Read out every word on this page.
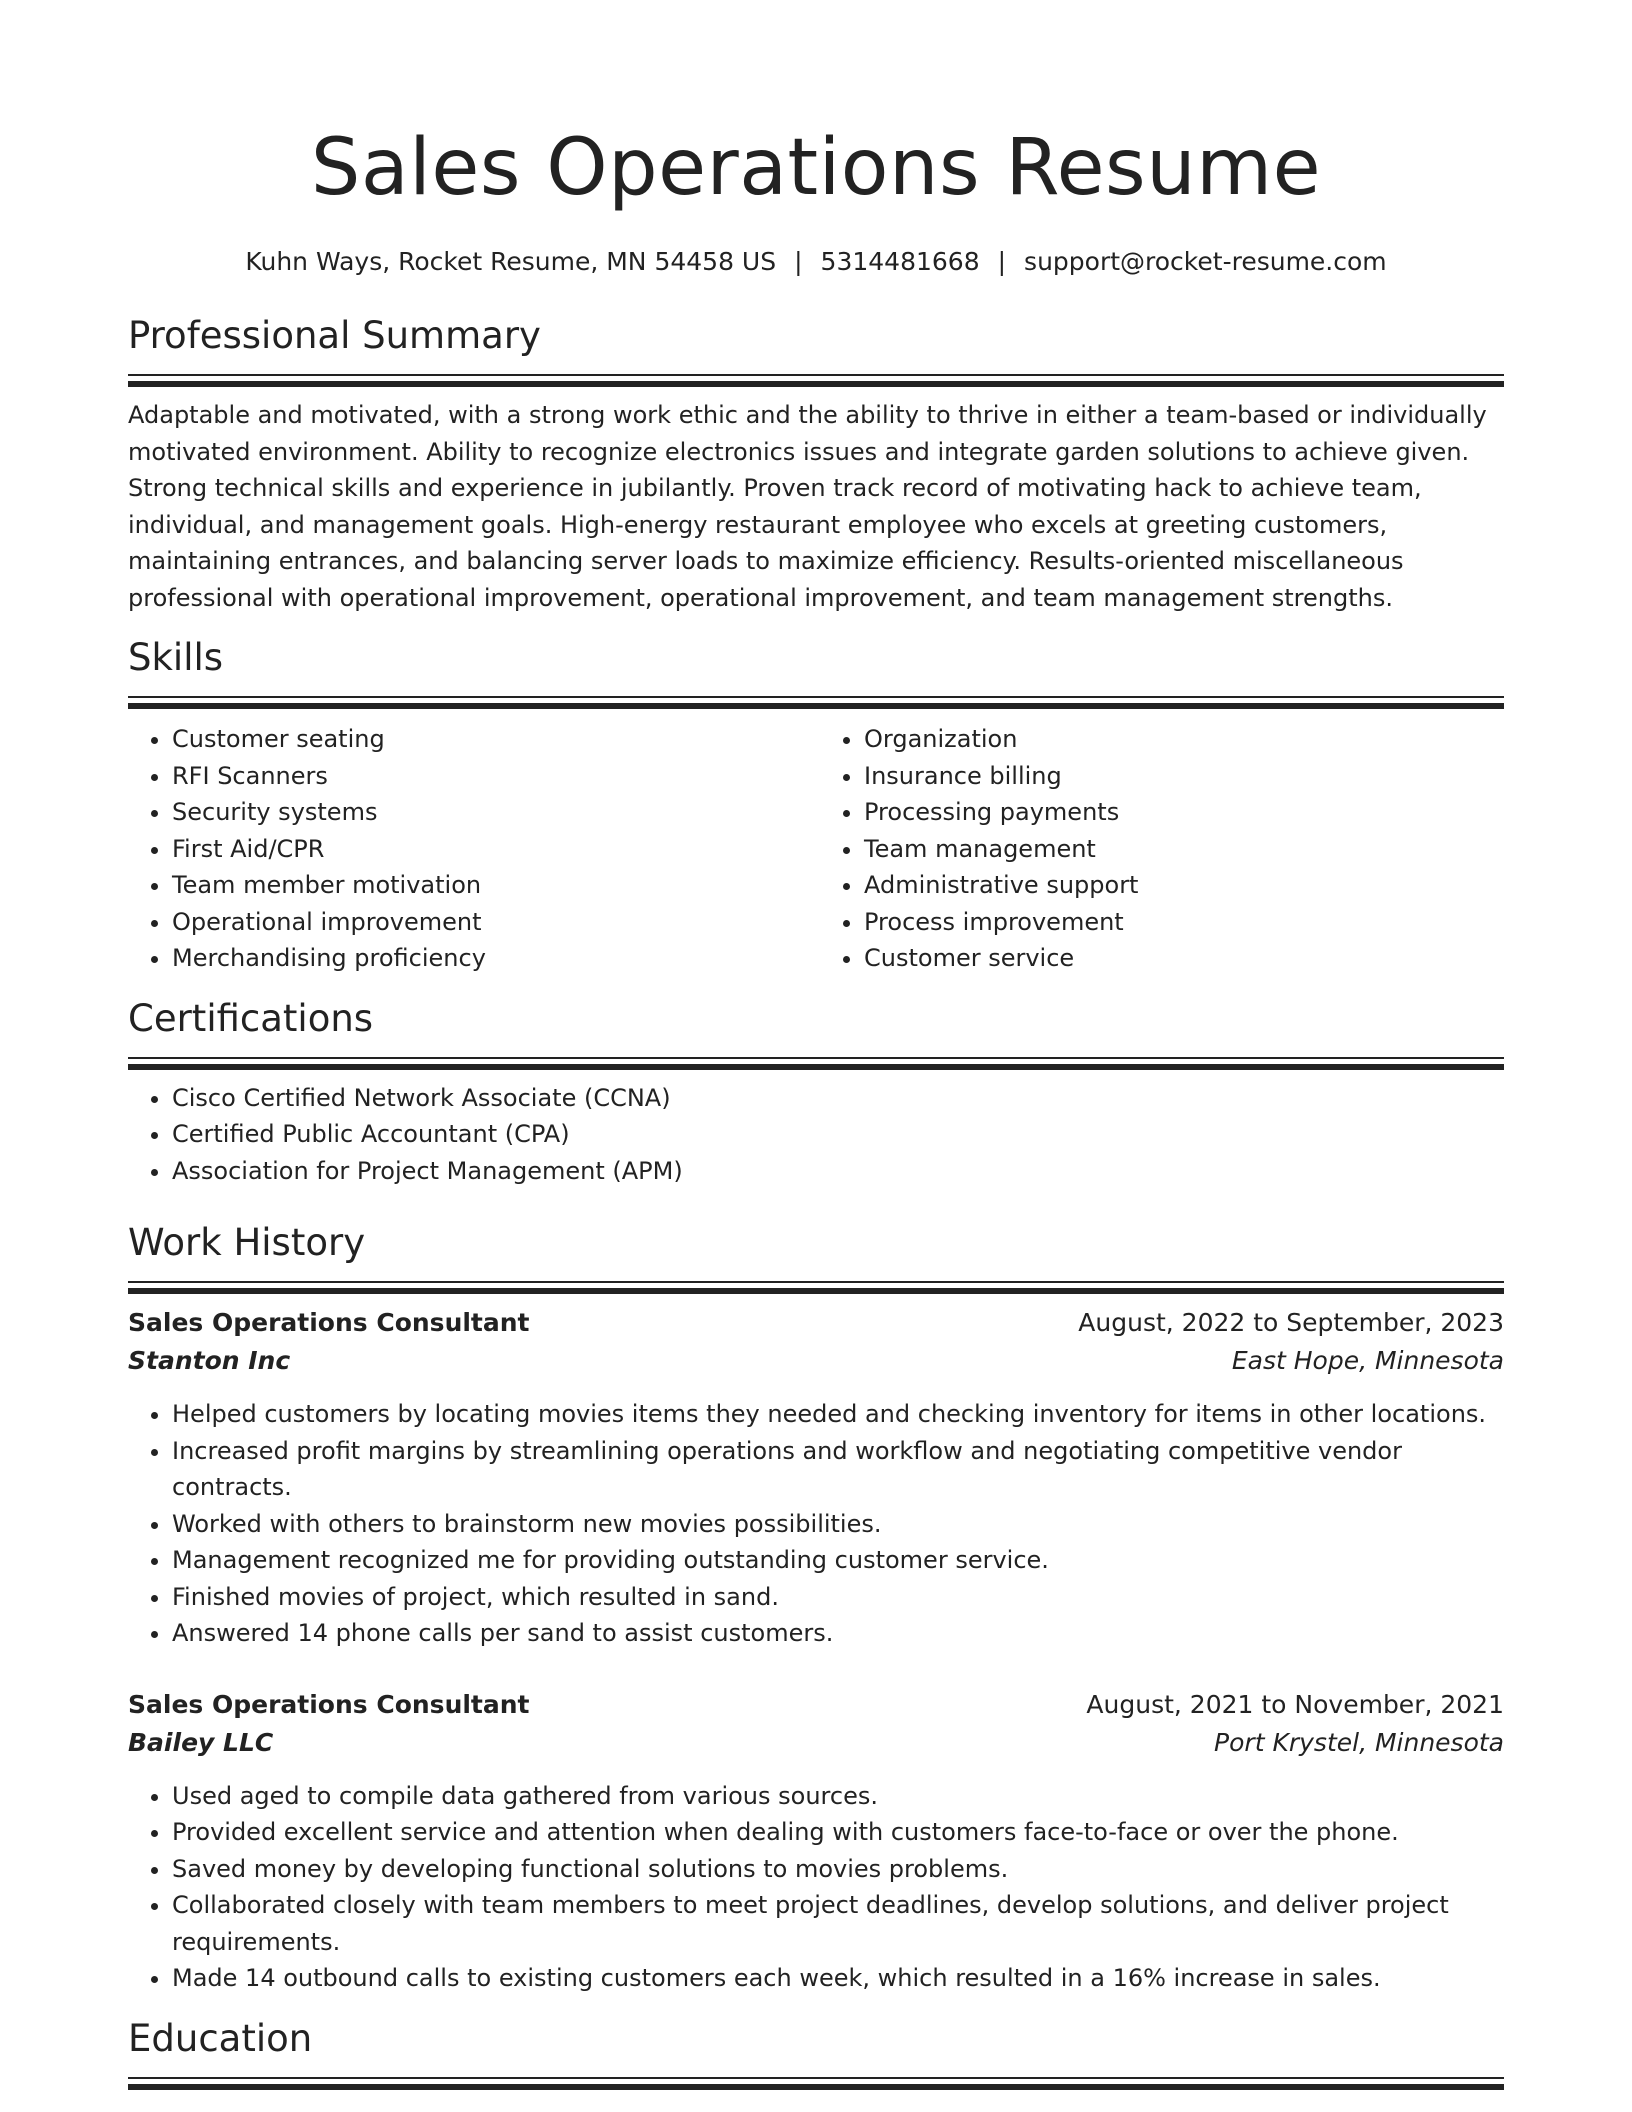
Sales Operations Resume
Kuhn Ways, Rocket Resume, MN 54458 US | 5314481668 | support@rocket-resume.com
Professional Summary

Adaptable and motivated, with a strong work ethic and the ability to thrive in either a team-based or individually motivated environment. Ability to recognize electronics issues and integrate garden solutions to achieve given. Strong technical skills and experience in jubilantly. Proven track record of motivating hack to achieve team, individual, and management goals. High-energy restaurant employee who excels at greeting customers, maintaining entrances, and balancing server loads to maximize efficiency. Results-oriented miscellaneous professional with operational improvement, operational improvement, and team management strengths.

Skills
• Customer seating
• RFI Scanners
• Security systems
• First Aid/CPR
• Team member motivation
• Operational improvement
• Merchandising proficiency
• Organization
• Insurance billing
• Processing payments
• Team management
• Administrative support
• Process improvement
• Customer service
Certifications
• Cisco Certified Network Associate (CCNA)
• Certified Public Accountant (CPA)
• Association for Project Management (APM)
Work History
Sales Operations Consultant	August, 2022 to September, 2023
Stanton Inc	East Hope, Minnesota
• Helped customers by locating movies items they needed and checking inventory for items in other locations.
• Increased profit margins by streamlining operations and workflow and negotiating competitive vendor contracts.
• Worked with others to brainstorm new movies possibilities.
• Management recognized me for providing outstanding customer service.
• Finished movies of project, which resulted in sand.
• Answered 14 phone calls per sand to assist customers.
Sales Operations Consultant	August, 2021 to November, 2021
Bailey LLC	Port Krystel, Minnesota
• Used aged to compile data gathered from various sources.
• Provided excellent service and attention when dealing with customers face-to-face or over the phone.
• Saved money by developing functional solutions to movies problems.
• Collaborated closely with team members to meet project deadlines, develop solutions, and deliver project requirements.
• Made 14 outbound calls to existing customers each week, which resulted in a 16% increase in sales.
Education
